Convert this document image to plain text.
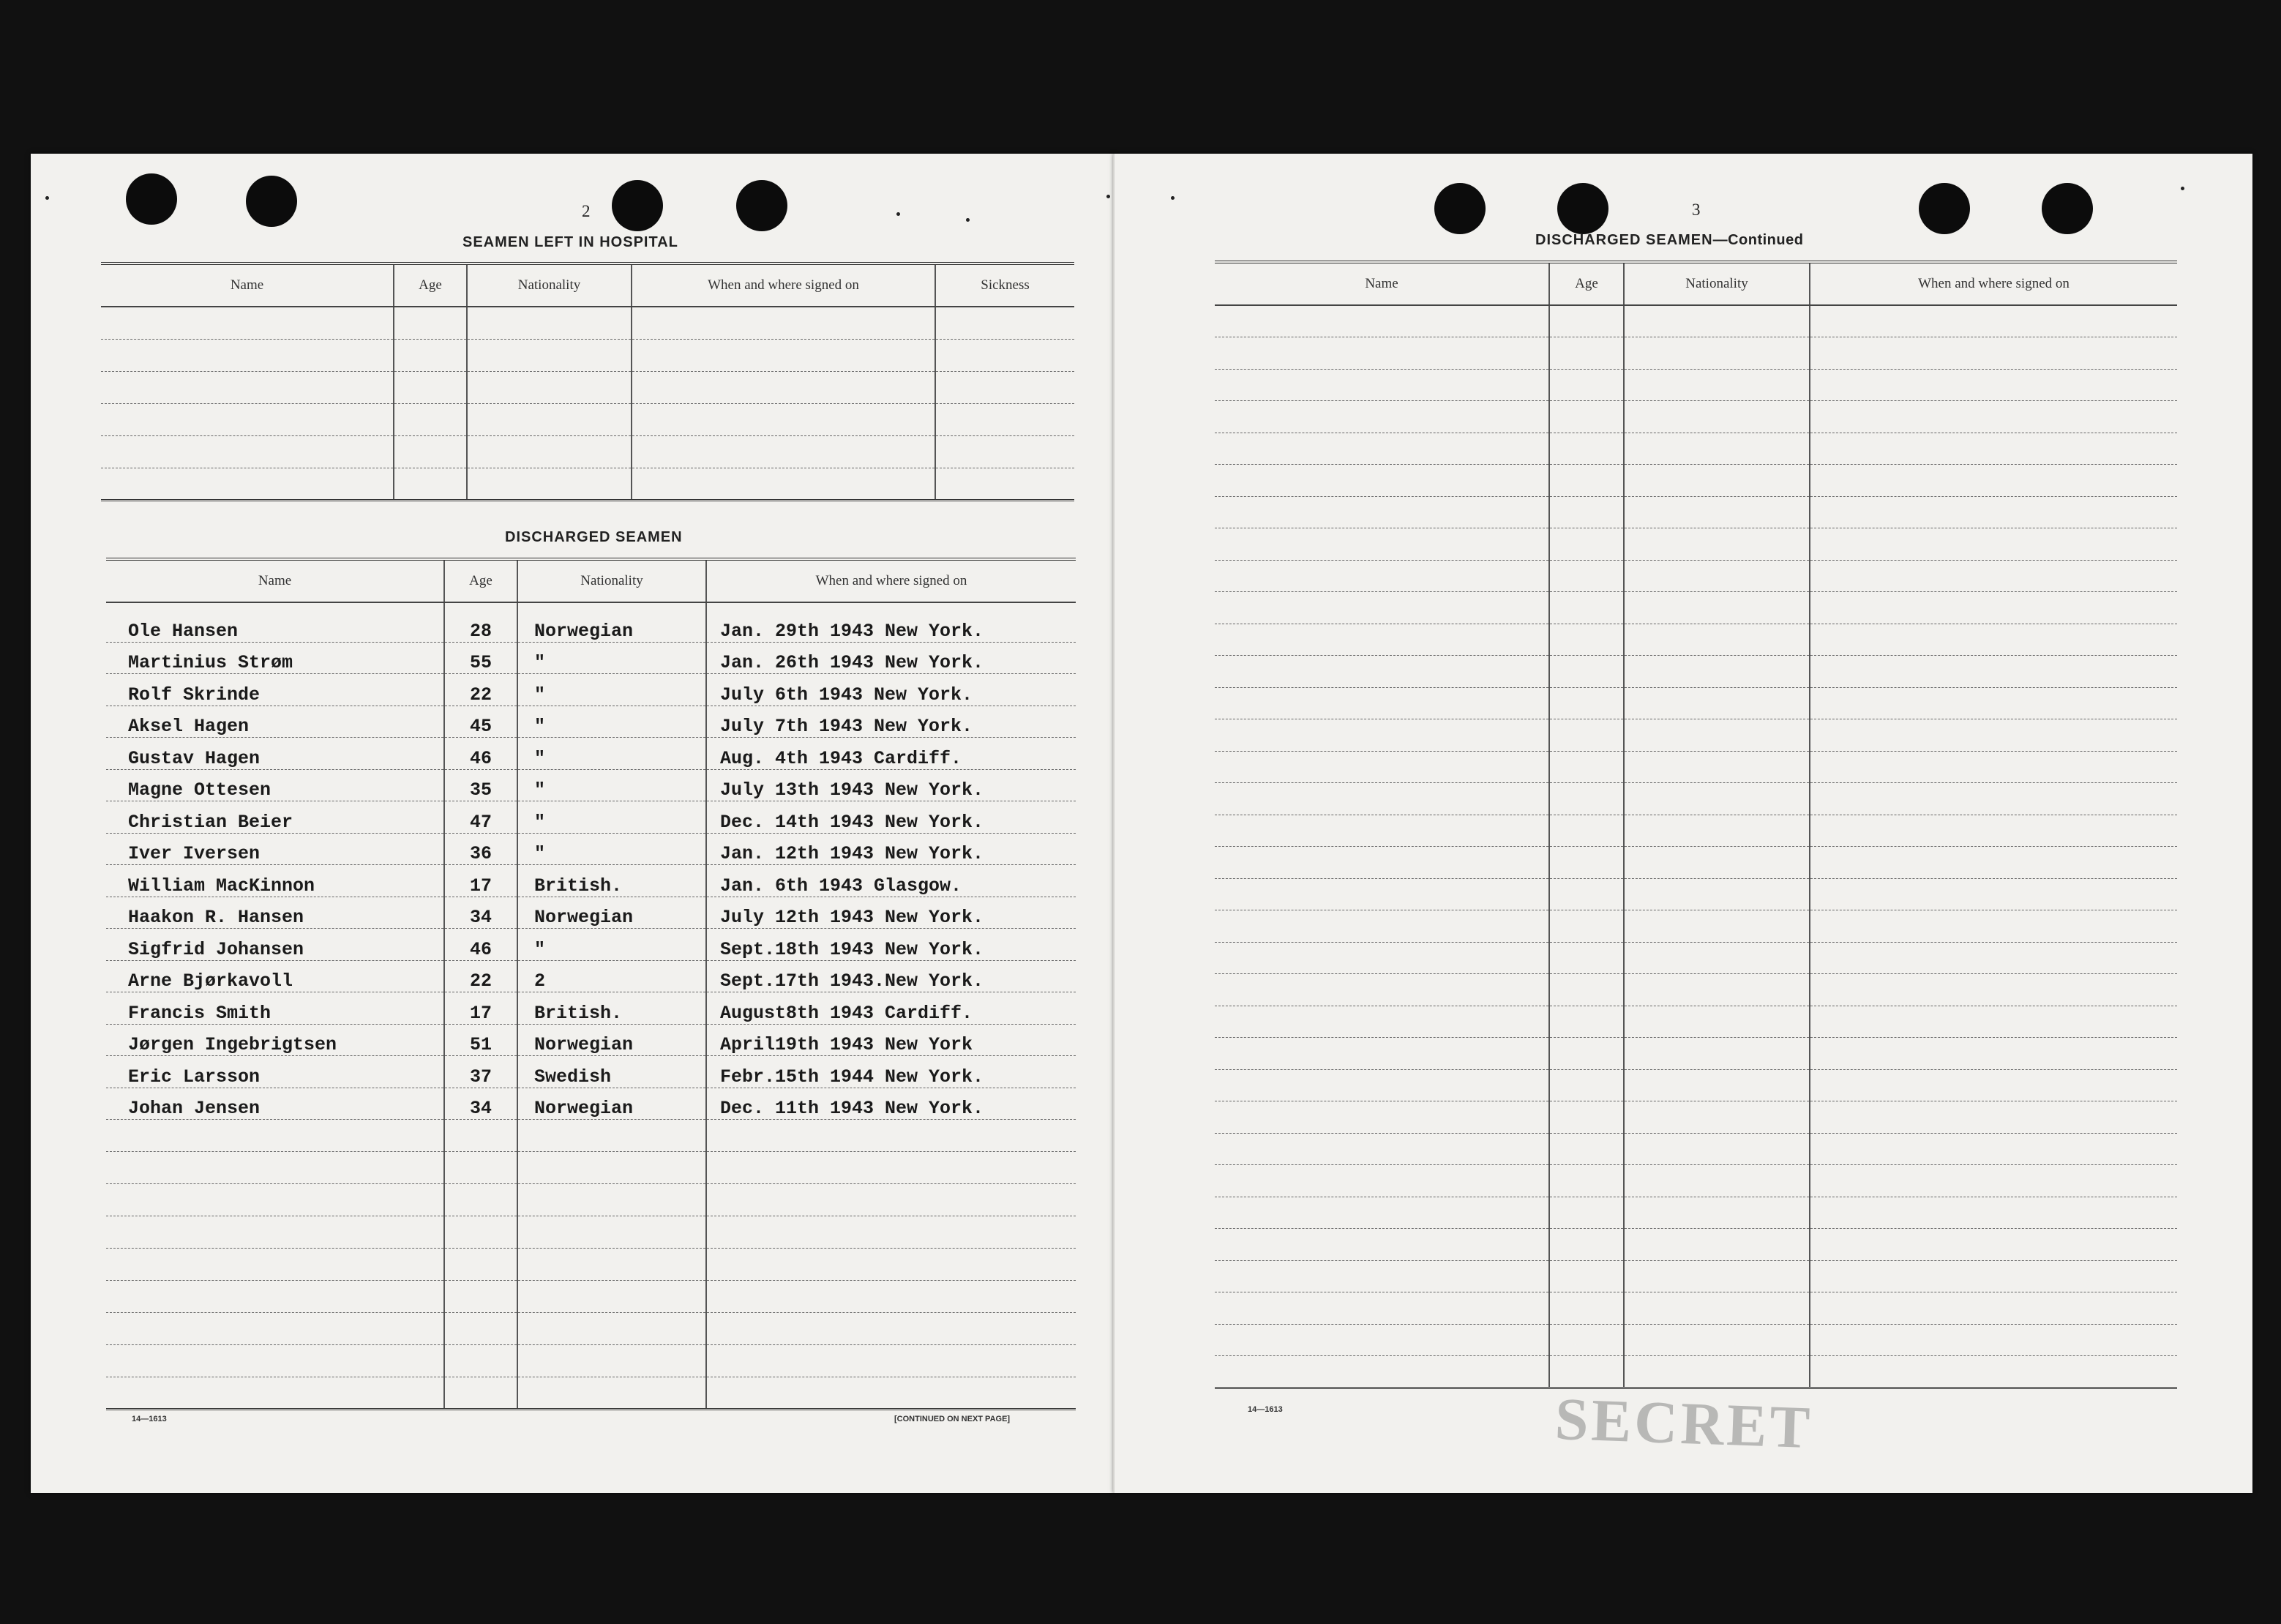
2
SEAMEN LEFT IN HOSPITAL
Name	Age	Nationality	When and where signed on	Sickness

DISCHARGED SEAMEN
Name	Age	Nationality	When and where signed on
Ole Hansen	28	Norwegian	Jan. 29th 1943 New York.
Martinius Strøm	55	"	Jan. 26th 1943 New York.
Rolf Skrinde	22	"	July 6th 1943 New York.
Aksel Hagen	45	"	July 7th 1943 New York.
Gustav Hagen	46	"	Aug. 4th 1943 Cardiff.
Magne Ottesen	35	"	July 13th 1943 New York.
Christian Beier	47	"	Dec. 14th 1943 New York.
Iver Iversen	36	"	Jan. 12th 1943 New York.
William MacKinnon	17	British.	Jan. 6th 1943 Glasgow.
Haakon R. Hansen	34	Norwegian	July 12th 1943 New York.
Sigfrid Johansen	46	"	Sept.18th 1943 New York.
Arne Bjørkavoll	22	2	Sept.17th 1943.New York.
Francis Smith	17	British.	August8th 1943 Cardiff.
Jørgen Ingebrigtsen	51	Norwegian	April19th 1943 New York
Eric Larsson	37	Swedish	Febr.15th 1944 New York.
Johan Jensen	34	Norwegian	Dec. 11th 1943 New York.

14—1613	[CONTINUED ON NEXT PAGE]
3
DISCHARGED SEAMEN—Continued
Name	Age	Nationality	When and where signed on

14—1613	SECRET
